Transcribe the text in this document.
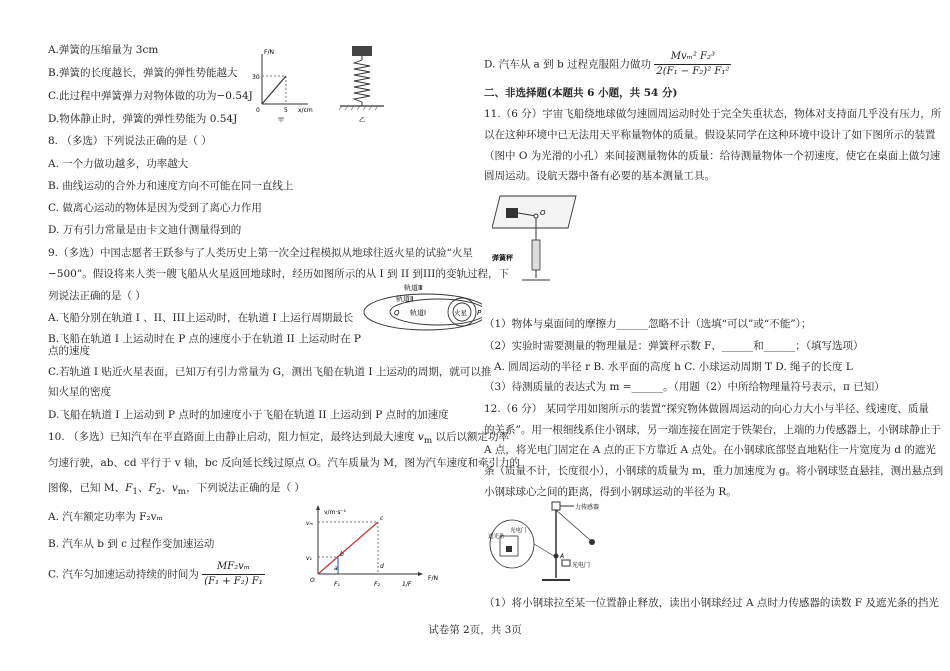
A.弹簧的压缩量为 3cm
B.弹簧的长度越长，弹簧的弹性势能越大
C.此过程中弹簧弹力对物体做的功为−0.54J
D.物体静止时，弹簧的弹性势能为 0.54J
F/N
x/cm
30
5
0
甲	乙
8. （多选）下列说法正确的是（ ）
A. 一个力做功越多，功率越大
B. 曲线运动的合外力和速度方向不可能在同一直线上
C. 做离心运动的物体是因为受到了离心力作用
D. 万有引力常量是由卡文迪什测量得到的
9.（多选）中国志愿者王跃参与了人类历史上第一次全过程模拟从地球往返火星的试验“火星
−500”。假设将来人类一艘飞船从火星返回地球时，经历如图所示的从 I 到 II 到III的变轨过程，下
列说法正确的是（ ）
A.飞船分别在轨道 I 、II、III上运动时，在轨道 I 上运行周期最长
B.飞船在轨道 I 上运动时在 P 点的速度小于在轨道 II 上运动时在 P
点的速度
C.若轨道 I 贴近火星表面，已知万有引力常量为 G，测出飞船在轨道 I 上运动的周期，就可以推
知火星的密度
D.飞船在轨道 I 上运动到 P 点时的加速度小于飞船在轨道 II 上运动到 P 点时的加速度
轨道Ⅲ
轨道Ⅱ
轨道Ⅰ	火星
Q	P
10. （多选）已知汽车在平直路面上由静止启动，阻力恒定，最终达到最大速度 $v_m$ 以后以额定功率
匀速行驶，ab、cd 平行于 v 轴，bc 反向延长线过原点 O。汽车质量为 M，图为汽车速度和牵引力的
图像，已知 M、$F_1$、$F_2$、$v_m$，下列说法正确的是（ ）
A. 汽车额定功率为 F₂vₘ
B. 汽车从 b 到 c 过程作变加速运动
C. 汽车匀加速运动持续的时间为 $\frac{\text{MF₂vₘ}}{\text{(F₁ + F₂) F₁}}$
v/m·s⁻¹
F/N
vₘ
v₁
O
a
b
c
d
F₁	F₂	1/F
D. 汽车从 a 到 b 过程克服阻力做功 $\frac{\text{Mvₘ² F₂³}}{\text{2(F₁ − F₂)² F₁²}}$
二、非选择题(本题共 6 小题，共 54 分)
11.（6 分）宇宙飞船绕地球做匀速圆周运动时处于完全失重状态，物体对支持面几乎没有压力，所
以在这种环境中已无法用天平称量物体的质量。假设某同学在这种环境中设计了如下图所示的装置
（图中 O 为光滑的小孔）来间接测量物体的质量：给待测量物体一个初速度，使它在桌面上做匀速
圆周运动。设航天器中备有必要的基本测量工具。
O
弹簧秤
（1）物体与桌面间的摩擦力______忽略不计（选填“可以”或“不能”）；
（2）实验时需要测量的物理量是：弹簧秤示数 F、______和______；（填写选项）
A. 圆周运动的半径 r B. 水平面的高度 h C. 小球运动周期 T D. 绳子的长度 L
（3）待测质量的表达式为 m =______。（用题（2）中所给物理量符号表示，π 已知）
12.（6 分） 某同学用如图所示的装置“探究物体做圆周运动的向心力大小与半径、线速度、质量
的关系”。用一根细线系住小钢球，另一端连接在固定于铁架台，上端的力传感器上，小钢球静止于
A 点，将光电门固定在 A 点的正下方靠近 A 点处。在小钢球底部竖直地粘住一片宽度为 d 的遮光
条（质量不计，长度很小），小钢球的质量为 m，重力加速度为 g。将小钢球竖直悬挂，测出悬点到
小钢球球心之间的距离，得到小钢球运动的半径为 R。
力传感器
A
光电门
遮光条
光电门
（1）将小钢球拉至某一位置静止释放，读出小钢球经过 A 点时力传感器的读数 F 及遮光条的挡光
试卷第 2页，共 3页
